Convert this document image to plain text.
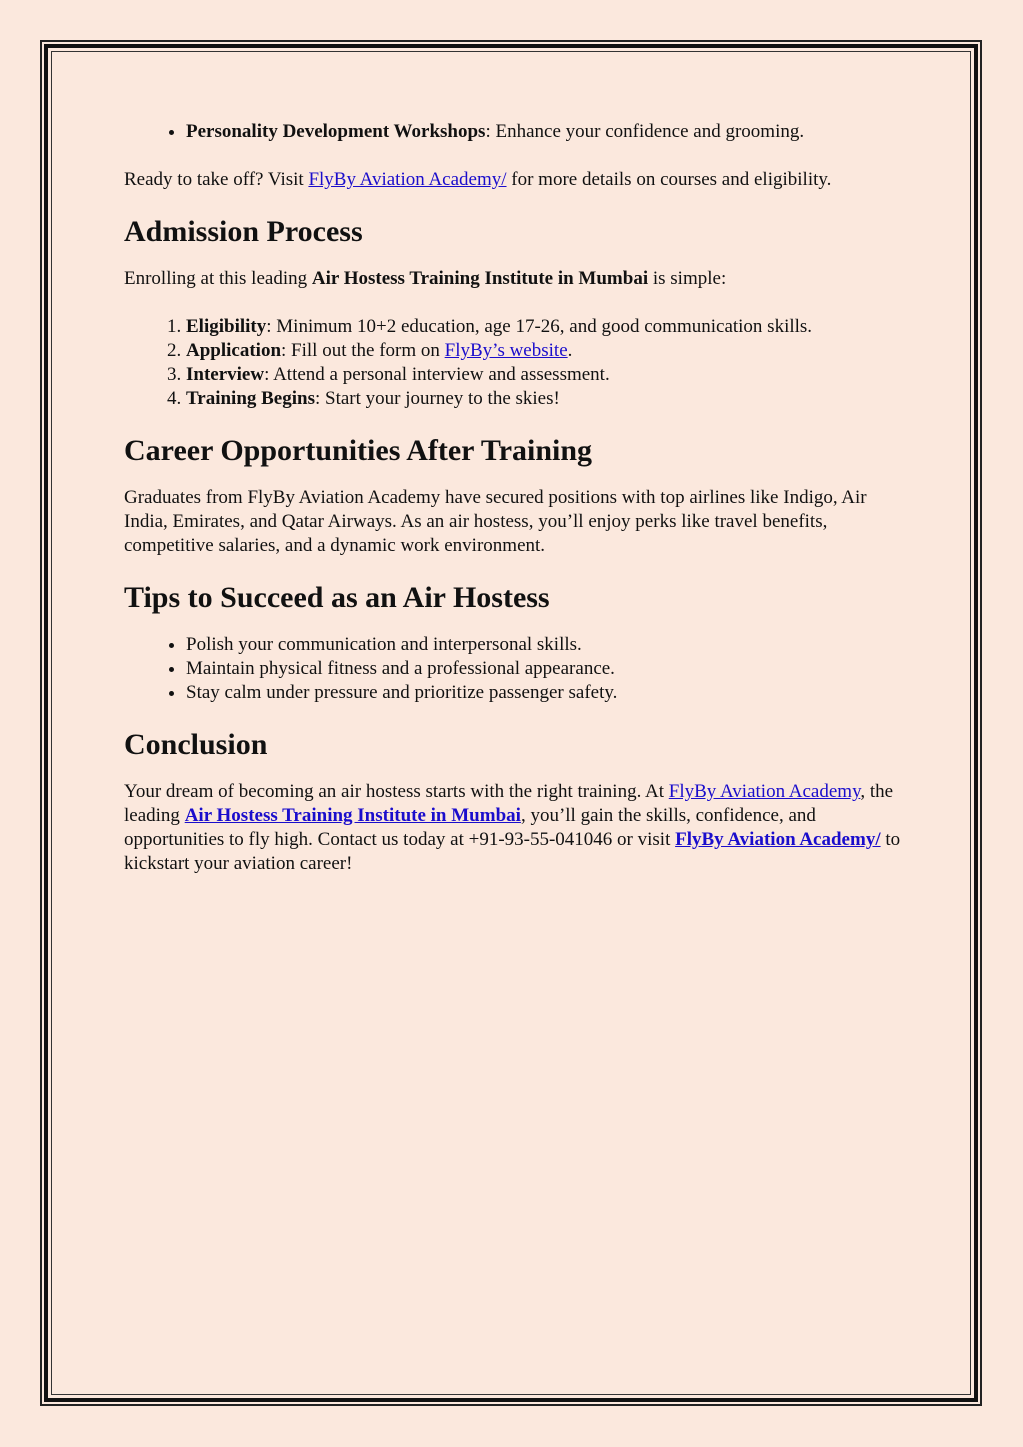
• Personality Development Workshops: Enhance your confidence and grooming.

Ready to take off? Visit FlyBy Aviation Academy/ for more details on courses and eligibility.

Admission Process

Enrolling at this leading Air Hostess Training Institute in Mumbai is simple:

1. Eligibility: Minimum 10+2 education, age 17-26, and good communication skills.
2. Application: Fill out the form on FlyBy’s website.
3. Interview: Attend a personal interview and assessment.
4. Training Begins: Start your journey to the skies!
Career Opportunities After Training

Graduates from FlyBy Aviation Academy have secured positions with top airlines like Indigo, Air India, Emirates, and Qatar Airways. As an air hostess, you’ll enjoy perks like travel benefits, competitive salaries, and a dynamic work environment.

Tips to Succeed as an Air Hostess
• Polish your communication and interpersonal skills.
• Maintain physical fitness and a professional appearance.
• Stay calm under pressure and prioritize passenger safety.
Conclusion

Your dream of becoming an air hostess starts with the right training. At FlyBy Aviation Academy, the leading Air Hostess Training Institute in Mumbai, you’ll gain the skills, confidence, and opportunities to fly high. Contact us today at +91-93-55-041046 or visit FlyBy Aviation Academy/ to kickstart your aviation career!
